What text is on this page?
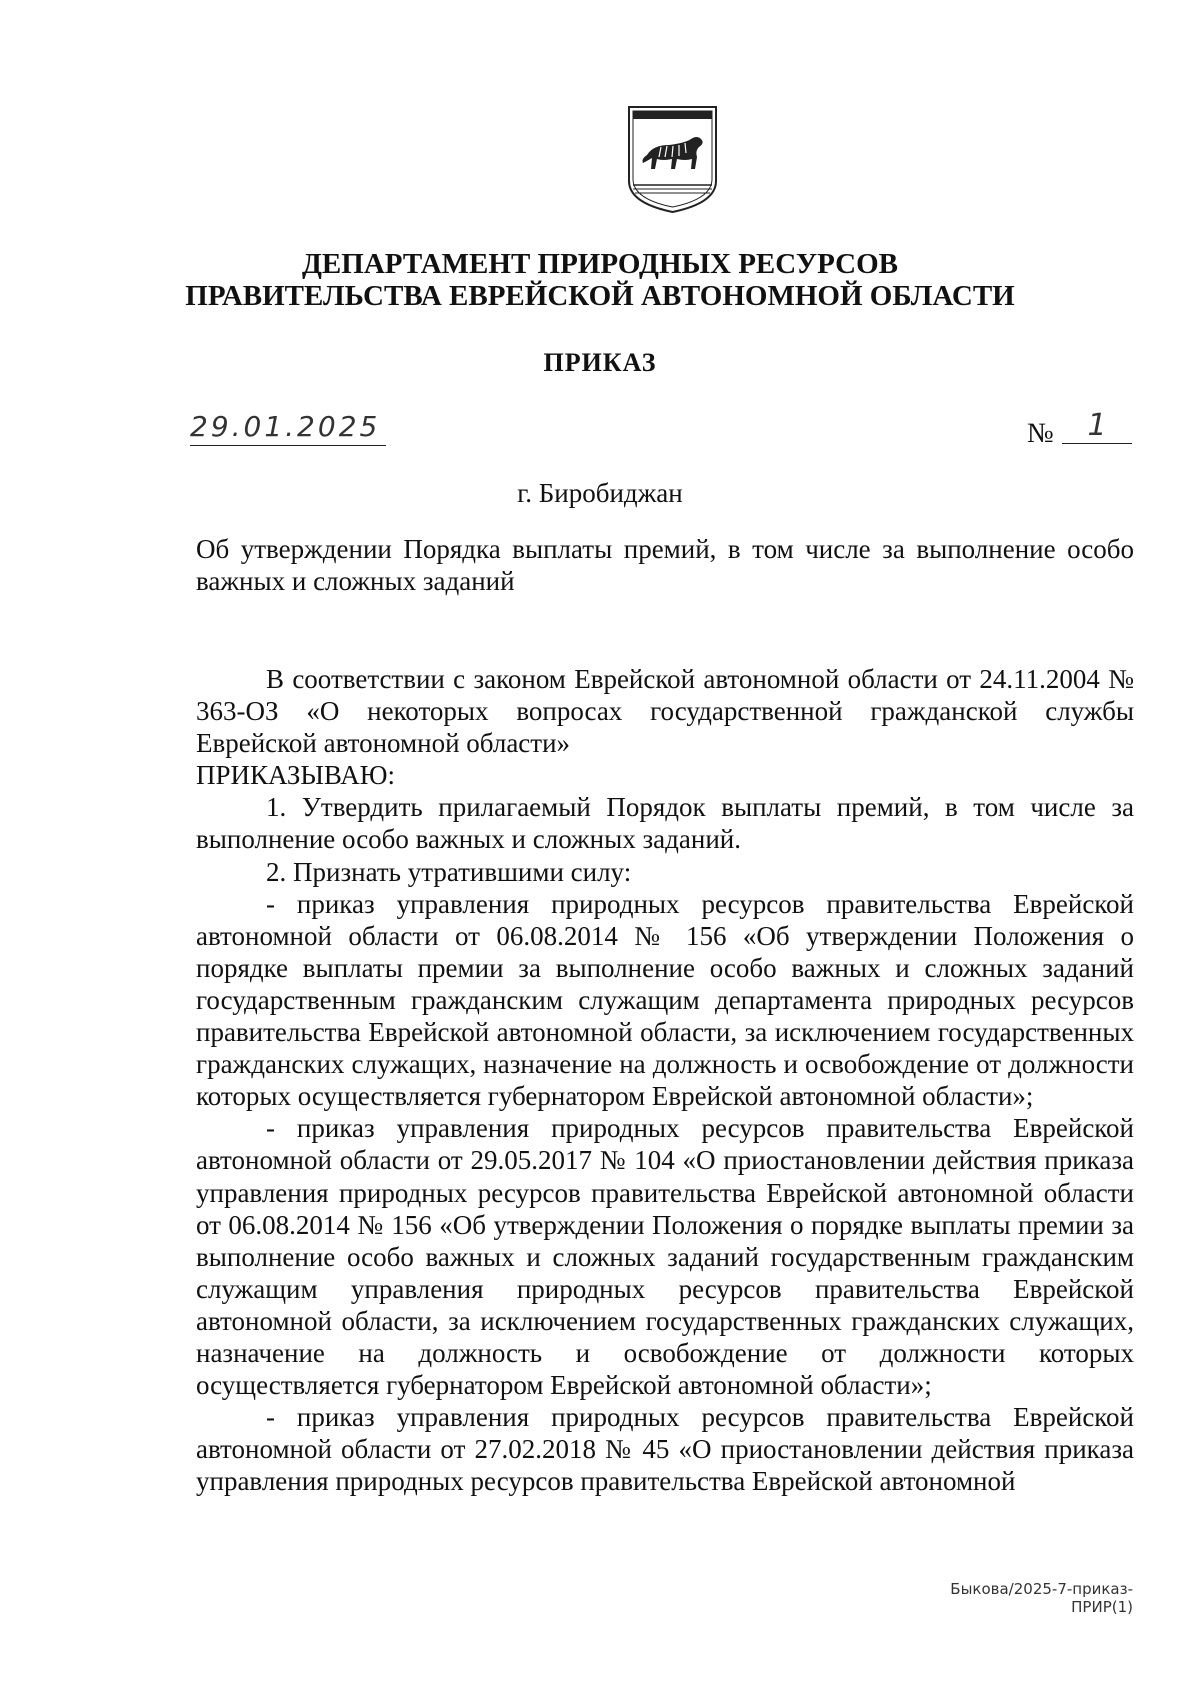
ДЕПАРТАМЕНТ ПРИРОДНЫХ РЕСУРСОВ
ПРАВИТЕЛЬСТВА ЕВРЕЙСКОЙ АВТОНОМНОЙ ОБЛАСТИ
ПРИКАЗ
29.01.2025	№	1
г. Биробиджан

Об утверждении Порядка выплаты премий, в том числе за выполнение особо важных и сложных заданий

В соответствии с законом Еврейской автономной области от 24.11.2004 № 363-ОЗ «О некоторых вопросах государственной гражданской службы Еврейской автономной области»

ПРИКАЗЫВАЮ:

1. Утвердить прилагаемый Порядок выплаты премий, в том числе за выполнение особо важных и сложных заданий.

2. Признать утратившими силу:

- приказ управления природных ресурсов правительства Еврейской автономной области от 06.08.2014 № 156 «Об утверждении Положения о порядке выплаты премии за выполнение особо важных и сложных заданий государственным гражданским служащим департамента природных ресурсов правительства Еврейской автономной области, за исключением государственных гражданских служащих, назначение на должность и освобождение от должности которых осуществляется губернатором Еврейской автономной области»;

- приказ управления природных ресурсов правительства Еврейской автономной области от 29.05.2017 № 104 «О приостановлении действия приказа управления природных ресурсов правительства Еврейской автономной области от 06.08.2014 № 156 «Об утверждении Положения о порядке выплаты премии за выполнение особо важных и сложных заданий государственным гражданским служащим управления природных ресурсов правительства Еврейской автономной области, за исключением государственных гражданских служащих, назначение на должность и освобождение от должности которых осуществляется губернатором Еврейской автономной области»;

- приказ управления природных ресурсов правительства Еврейской автономной области от 27.02.2018 № 45 «О приостановлении действия приказа управления природных ресурсов правительства Еврейской автономной

Быкова/2025-7-приказ-ПРИР(1)
